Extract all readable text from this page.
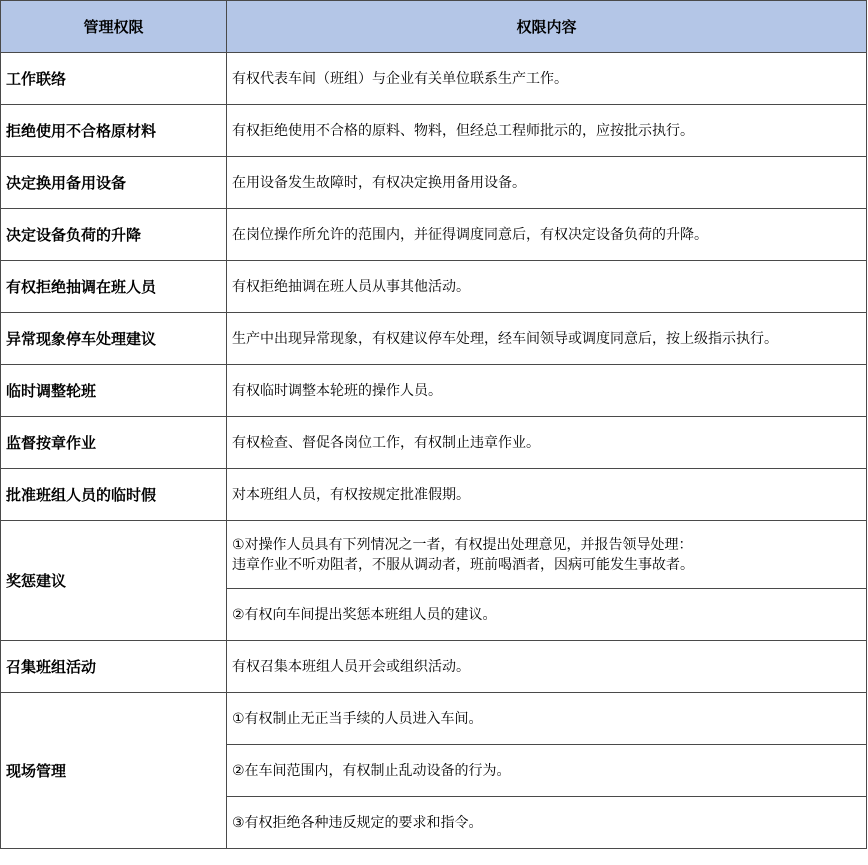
管理权限	权限内容
工作联络	有权代表车间（班组）与企业有关单位联系生产工作。
拒绝使用不合格原材料	有权拒绝使用不合格的原料、物料，但经总工程师批示的，应按批示执行。
决定换用备用设备	在用设备发生故障时，有权决定换用备用设备。
决定设备负荷的升降	在岗位操作所允许的范围内，并征得调度同意后，有权决定设备负荷的升降。
有权拒绝抽调在班人员	有权拒绝抽调在班人员从事其他活动。
异常现象停车处理建议	生产中出现异常现象，有权建议停车处理，经车间领导或调度同意后，按上级指示执行。
临时调整轮班	有权临时调整本轮班的操作人员。
监督按章作业	有权检查、督促各岗位工作，有权制止违章作业。
批准班组人员的临时假	对本班组人员，有权按规定批准假期。
奖惩建议	①对操作人员具有下列情况之一者，有权提出处理意见，并报告领导处理：
违章作业不听劝阻者，不服从调动者，班前喝酒者，因病可能发生事故者。

	②有权向车间提出奖惩本班组人员的建议。
召集班组活动	有权召集本班组人员开会或组织活动。
现场管理	①有权制止无正当手续的人员进入车间。
	②在车间范围内，有权制止乱动设备的行为。
	③有权拒绝各种违反规定的要求和指令。
